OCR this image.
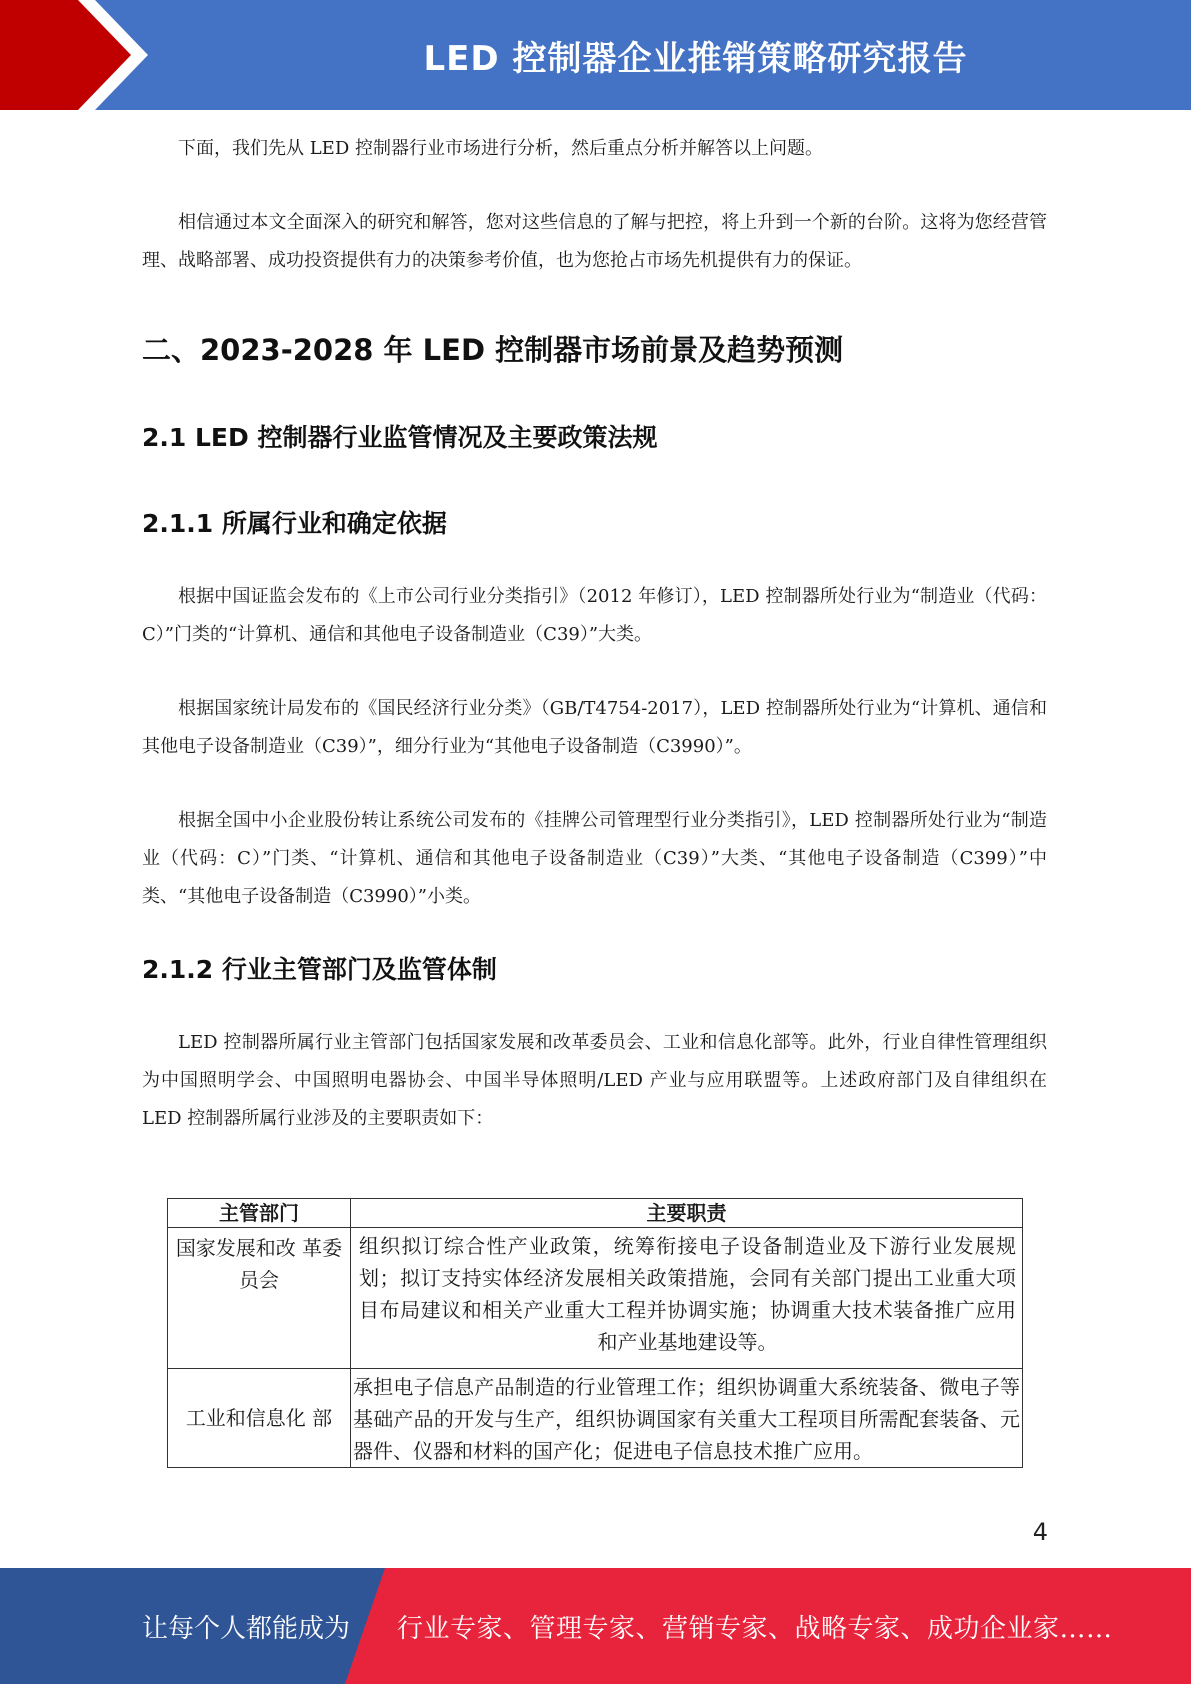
LED 控制器企业推销策略研究报告

下面，我们先从 LED 控制器行业市场进行分析，然后重点分析并解答以上问题。

相信通过本文全面深入的研究和解答，您对这些信息的了解与把控，将上升到一个新的台阶。这将为您经营管理、战略部署、成功投资提供有力的决策参考价值，也为您抢占市场先机提供有力的保证。

二、2023-2028 年 LED 控制器市场前景及趋势预测
2.1 LED 控制器行业监管情况及主要政策法规
2.1.1 所属行业和确定依据

根据中国证监会发布的《上市公司行业分类指引》（2012 年修订），LED 控制器所处行业为“制造业（代码：C）”门类的“计算机、通信和其他电子设备制造业（C39）”大类。

根据国家统计局发布的《国民经济行业分类》（GB/T4754-2017），LED 控制器所处行业为“计算机、通信和其他电子设备制造业（C39）”，细分行业为“其他电子设备制造（C3990）”。

根据全国中小企业股份转让系统公司发布的《挂牌公司管理型行业分类指引》，LED 控制器所处行业为“制造业（代码：C）”门类、“计算机、通信和其他电子设备制造业（C39）”大类、“其他电子设备制造（C399）”中类、“其他电子设备制造（C3990）”小类。

2.1.2 行业主管部门及监管体制

LED 控制器所属行业主管部门包括国家发展和改革委员会、工业和信息化部等。此外，行业自律性管理组织为中国照明学会、中国照明电器协会、中国半导体照明/LED 产业与应用联盟等。上述政府部门及自律组织在 LED 控制器所属行业涉及的主要职责如下：

主管部门	主要职责
国家发展和改 革委员会	组织拟订综合性产业政策，统筹衔接电子设备制造业及下游行业发展规划；拟订支持实体经济发展相关政策措施，会同有关部门提出工业重大项目布局建议和相关产业重大工程并协调实施；协调重大技术装备推广应用和产业基地建设等。
工业和信息化 部	承担电子信息产品制造的行业管理工作；组织协调重大系统装备、微电子等基础产品的开发与生产，组织协调国家有关重大工程项目所需配套装备、元器件、仪器和材料的国产化；促进电子信息技术推广应用。
4
让每个人都能成为 行业专家、管理专家、营销专家、战略专家、成功企业家……
